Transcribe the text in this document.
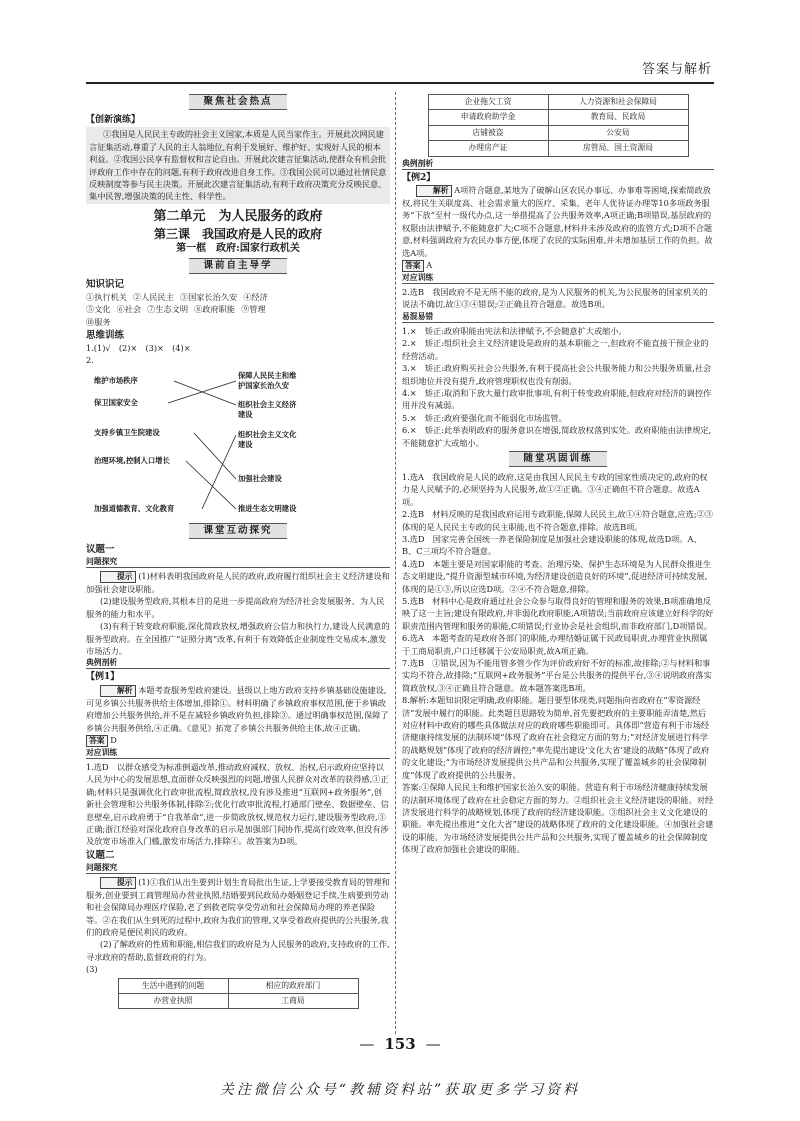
答案与解析
聚焦社会热点
【创新演练】
①我国是人民民主专政的社会主义国家,本质是人民当家作主。开展此次网民建言征集活动,尊重了人民的主人翁地位,有利于发展好、维护好、实现好人民的根本利益。②我国公民享有监督权和言论自由。开展此次建言征集活动,使群众有机会批评政府工作中存在的问题,有利于政府改进自身工作。③我国公民可以通过社情民意反映制度等参与民主决策。开展此次建言征集活动,有利于政府决策充分反映民意、集中民智,增强决策的民主性、科学性。
第二单元　为人民服务的政府
第三课　我国政府是人民的政府
第一框　政府:国家行政机关
课前自主导学
知识识记
①执行机关 ②人民民主 ③国家长治久安 ④经济
⑤文化 ⑥社会 ⑦生态文明 ⑧政府职能 ⑨管理
⑩服务
思维训练
1.(1)√　(2)×　(3)×　(4)×
2.
维护市场秩序
保卫国家安全
支持乡镇卫生院建设
治理环境,控制人口增长
加强道德教育、文化教育
保障人民民主和维
护国家长治久安
组织社会主义经济
建设
组织社会主义文化
建设
加强社会建设
推进生态文明建设
课堂互动探究
议题一
问题探究
提示 (1)材料表明我国政府是人民的政府,政府履行组织社会主义经济建设和加强社会建设职能。
(2)建设服务型政府,其根本目的是进一步提高政府为经济社会发展服务、为人民服务的能力和水平。
(3)有利于转变政府职能,深化简政放权,增强政府公信力和执行力,建设人民满意的服务型政府。在全国推广“证照分离”改革,有利于有效降低企业制度性交易成本,激发市场活力。
典例剖析
【例1】
解析 本题考查服务型政府建设。县级以上地方政府支持乡镇基础设施建设,可见乡镇公共服务供给主体增加,排除①。材料明确了乡镇政府事权范围,便于乡镇政府增加公共服务供给,并不是在减轻乡镇政府负担,排除③。通过明确事权范围,保障了乡镇公共服务供给,④正确。《意见》拓宽了乡镇公共服务供给主体,故④正确。
答案 D
对应训练
1.选D　以群众感受为标准倒逼改革,推动政府减权、放权、治权,启示政府应坚持以人民为中心的发展思想,直面群众反映强烈的问题,增强人民群众对改革的获得感,①正确;材料只是强调优化行政审批流程,简政放权,没有涉及推进“互联网+政务服务”,创新社会管理和公共服务体制,排除②;优化行政审批流程,打通部门壁垒、数据壁垒、信息壁垒,启示政府勇于“自我革命”,进一步简政放权,规范权力运行,建设服务型政府,③正确;浙江经验对深化政府自身改革的启示是加强部门间协作,提高行政效率,但没有涉及放宽市场准入门槛,激发市场活力,排除④。故答案为D项。
议题二
问题探究
提示 (1)①我们从出生要到计划生育局批出生证,上学要接受教育局的管理和服务,创业要到工商管理局办营业执照,结婚要到民政局办婚姻登记手续,生病要到劳动和社会保障局办理医疗保险,老了到救老院享受劳动和社会保障局办理的养老保险等。②在我们从生到死的过程中,政府为我们的管理,又享受着政府提供的公共服务,我们的政府是便民利民的政府。
(2)了解政府的性质和职能,相信我们的政府是为人民服务的政府,支持政府的工作,寻求政府的帮助,监督政府的行为。
(3)
生活中遇到的问题	相应的政府部门
办营业执照	工商局
企业拖欠工资	人力资源和社会保障局
申请政府助学金	教育局、民政局
店铺被盗	公安局
办理房产证	房管局、国土资源局
典例剖析
【例2】
解析 A项符合题意,某地为了破解山区农民办事远、办事难等困境,探索简政放权,将民生关联度高、社会需求量大的医疗、采集、老年人优待证办理等10多项政务服务“下放”至村一级代办点,这一举措提高了公共服务效率,A项正确;B项错误,基层政府的权限由法律赋予,不能随意扩大;C项不合题意,材料并未涉及政府的监管方式;D项不合题意,材料强调政府为农民办事方便,体现了农民的实际困难,并未增加基层工作的负担。故选A项。
答案 A
对应训练
2.选B　我国政府不是无所不能的政府,是为人民服务的机关,为公民服务的国家机关的说法不确切,故①③④错误;②正确且符合题意。故选B项。
易混易错
1.×　矫正:政府职能由宪法和法律赋予,不会随意扩大或缩小。
2.×　矫正:组织社会主义经济建设是政府的基本职能之一,但政府不能直接干预企业的经营活动。
3.×　矫正:政府购买社会公共服务,有利于提高社会公共服务能力和公共服务质量,社会组织地位并没有提升,政府管理职权也没有削弱。
4.×　矫正:取消和下放大量行政审批事项,有利于转变政府职能,但政府对经济的调控作用并没有减弱。
5.×　矫正:政府要强化而不能弱化市场监管。
6.×　矫正:此举表明政府的服务意识在增强,简政放权落到实处。政府职能由法律规定,不能随意扩大或缩小。
随堂巩固训练
1.选A　我国政府是人民的政府,这是由我国人民民主专政的国家性质决定的,政府的权力是人民赋予的,必须坚持为人民服务,故①②正确。③④正确但不符合题意。故选A项。
2.选B　材料反映的是我国政府运用专政职能,保障人民民主,故①④符合题意,应选;②③体现的是人民民主专政的民主职能,也不符合题意,排除。故选B项。
3.选D　国家完善全国统一养老保险制度是加强社会建设职能的体现,故选D项。A、B、C三项均不符合题意。
4.选D　本题主要是对国家职能的考查。治理污染、保护生态环境是为人民群众推进生态文明建设,“提升资源型城市环境,为经济建设创造良好的环境”,促进经济可持续发展,体现的是①③,所以应选D项。②④不符合题意,排除。
5.选B　材料中心是政府通过社会公众参与取得良好的管理和服务的效果,B项准确地反映了这一主旨;建设有限政府,并非弱化政府职能,A项错误;当前政府应该建立好科学的好职责范围内管理和服务的职能,C项错误;行业协会是社会组织,而非政府部门,D项错误。
6.选A　本题考查的是政府各部门的职能,办理结婚证属于民政局职责,办理营业执照属于工商局职责,户口迁移属于公安局职责,故A项正确。
7.选B　①错误,因为不能用管多管少作为评价政府好不好的标准,故排除;②与材料和事实均不符合,故排除;“互联网+政务服务”平台是公共服务的提供平台,③④说明政府落实简政放权,③④正确且符合题意。故本题答案选B项。
8.解析:本题知识限定明确,政府职能。题目要型体现类,问题指向省政府在“零资源经济”发展中履行的职能。此类题目思路较为简单,首先要把政府的主要职能弄清楚,然后对应材料中政府的哪些具体做法对应的政府哪些职能即可。具体即“营造有利于市场经济健康持续发展的法制环境”体现了政府在社会稳定方面的努力;“对经济发展进行科学的战略规划”体现了政府的经济调控;“率先提出建设‘文化大省’建设的战略”体现了政府的文化建设;“为市场经济发展提供公共产品和公共服务,实现了覆盖城乡的社会保障制度”体现了政府提供的公共服务。
答案:①保障人民民主和维护国家长治久安的职能。营造有利于市场经济健康持续发展的法制环境体现了政府在社会稳定方面的努力。②组织社会主义经济建设的职能。对经济发展进行科学的战略规划,体现了政府的经济建设职能。③组织社会主义文化建设的职能。率先提出推进“文化大省”建设的战略体现了政府的文化建设职能。④加强社会建设的职能。为市场经济发展提供公共产品和公共服务,实现了覆盖城乡的社会保障制度体现了政府加强社会建设的职能。
— 153 —
关注微信公众号“教辅资料站”获取更多学习资料
